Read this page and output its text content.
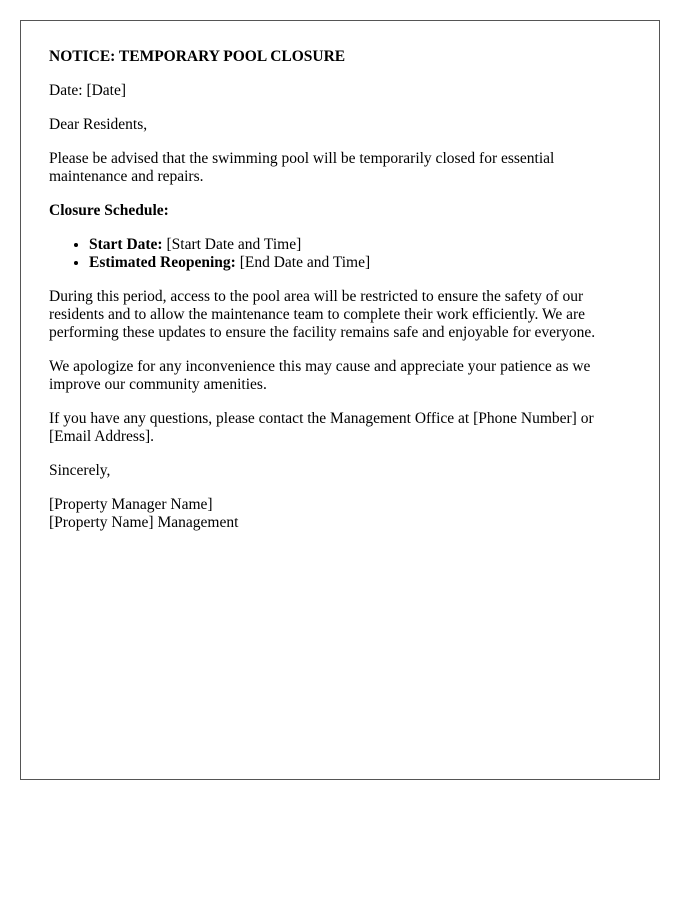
NOTICE: TEMPORARY POOL CLOSURE

Date: [Date]

Dear Residents,

Please be advised that the swimming pool will be temporarily closed for essential maintenance and repairs.

Closure Schedule:

• Start Date: [Start Date and Time]
• Estimated Reopening: [End Date and Time]

During this period, access to the pool area will be restricted to ensure the safety of our residents and to allow the maintenance team to complete their work efficiently. We are performing these updates to ensure the facility remains safe and enjoyable for everyone.

We apologize for any inconvenience this may cause and appreciate your patience as we improve our community amenities.

If you have any questions, please contact the Management Office at [Phone Number] or [Email Address].

Sincerely,

[Property Manager Name]
[Property Name] Management
